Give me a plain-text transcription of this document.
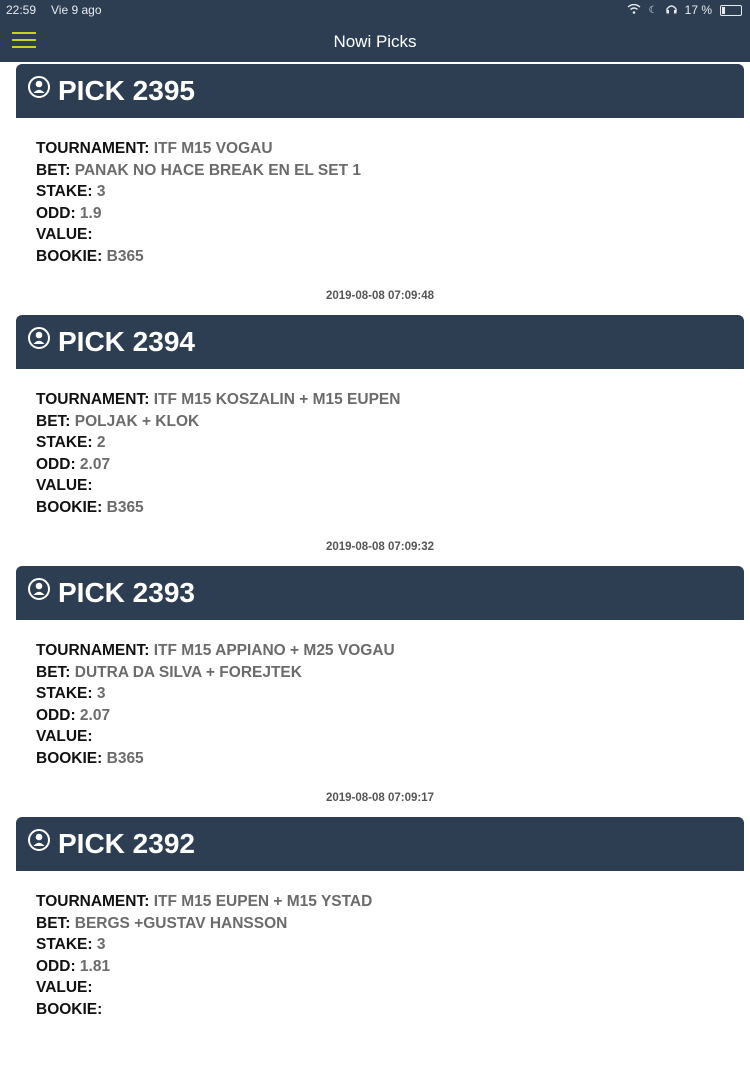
22:59 Vie 9 ago	☾ 17 %
Nowi Picks
PICK 2395
TOURNAMENT: ITF M15 VOGAU
BET: PANAK NO HACE BREAK EN EL SET 1
STAKE: 3
ODD: 1.9
VALUE:
BOOKIE: B365
2019-08-08 07:09:48
PICK 2394
TOURNAMENT: ITF M15 KOSZALIN + M15 EUPEN
BET: POLJAK + KLOK
STAKE: 2
ODD: 2.07
VALUE:
BOOKIE: B365
2019-08-08 07:09:32
PICK 2393
TOURNAMENT: ITF M15 APPIANO + M25 VOGAU
BET: DUTRA DA SILVA + FOREJTEK
STAKE: 3
ODD: 2.07
VALUE:
BOOKIE: B365
2019-08-08 07:09:17
PICK 2392
TOURNAMENT: ITF M15 EUPEN + M15 YSTAD
BET: BERGS +GUSTAV HANSSON
STAKE: 3
ODD: 1.81
VALUE:
BOOKIE:
